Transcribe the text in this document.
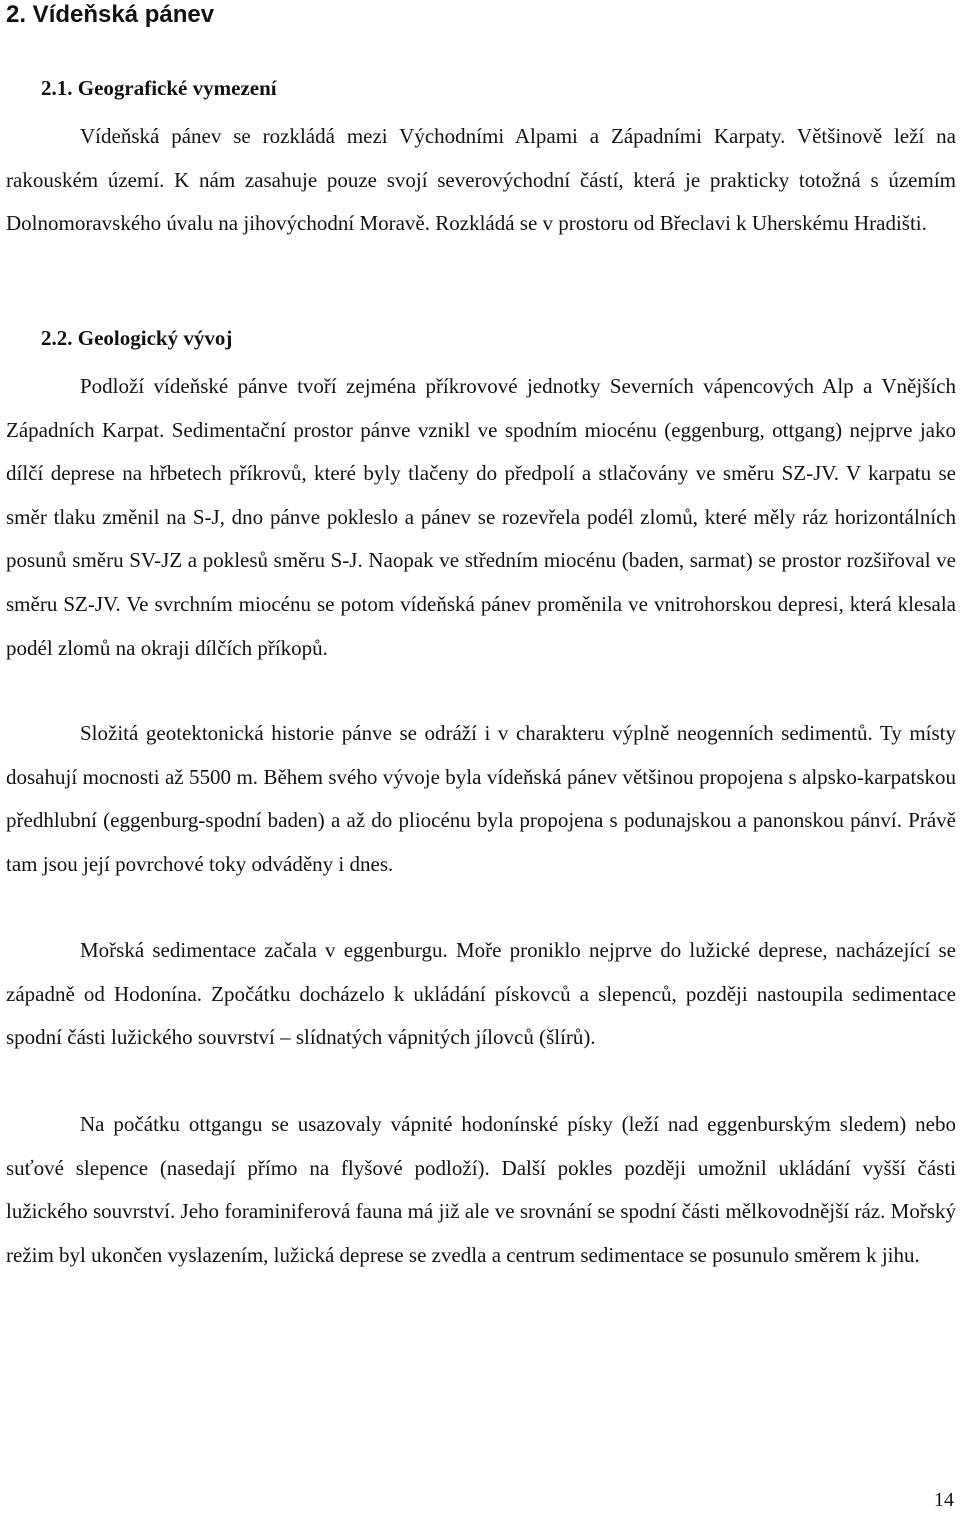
2. Vídeňská pánev
2.1. Geografické vymezení

Vídeňská pánev se rozkládá mezi Východními Alpami a Západními Karpaty. Většinově leží na rakouském území. K nám zasahuje pouze svojí severovýchodní částí, která je prakticky totožná s územím Dolnomoravského úvalu na jihovýchodní Moravě. Rozkládá se v prostoru od Břeclavi k Uherskému Hradišti.

2.2. Geologický vývoj

Podloží vídeňské pánve tvoří zejména příkrovové jednotky Severních vápencových Alp a Vnějších Západních Karpat. Sedimentační prostor pánve vznikl ve spodním miocénu (eggenburg, ottgang) nejprve jako dílčí deprese na hřbetech příkrovů, které byly tlačeny do předpolí a stlačovány ve směru SZ-JV. V karpatu se směr tlaku změnil na S-J, dno pánve pokleslo a pánev se rozevřela podél zlomů, které měly ráz horizontálních posunů směru SV-JZ a poklesů směru S-J. Naopak ve středním miocénu (baden, sarmat) se prostor rozšiřoval ve směru SZ-JV. Ve svrchním miocénu se potom vídeňská pánev proměnila ve vnitrohorskou depresi, která klesala podél zlomů na okraji dílčích příkopů.

Složitá geotektonická historie pánve se odráží i v charakteru výplně neogenních sedimentů. Ty místy dosahují mocnosti až 5500 m. Během svého vývoje byla vídeňská pánev většinou propojena s alpsko-karpatskou předhlubní (eggenburg-spodní baden) a až do pliocénu byla propojena s podunajskou a panonskou pánví. Právě tam jsou její povrchové toky odváděny i dnes.

Mořská sedimentace začala v eggenburgu. Moře proniklo nejprve do lužické deprese, nacházející se západně od Hodonína. Zpočátku docházelo k ukládání pískovců a slepenců, později nastoupila sedimentace spodní části lužického souvrství – slídnatých vápnitých jílovců (šlírů).

Na počátku ottgangu se usazovaly vápnité hodonínské písky (leží nad eggenburským sledem) nebo suťové slepence (nasedají přímo na flyšové podloží). Další pokles později umožnil ukládání vyšší části lužického souvrství. Jeho foraminiferová fauna má již ale ve srovnání se spodní části mělkovodnější ráz. Mořský režim byl ukončen vyslazením, lužická deprese se zvedla a centrum sedimentace se posunulo směrem k jihu.

14
